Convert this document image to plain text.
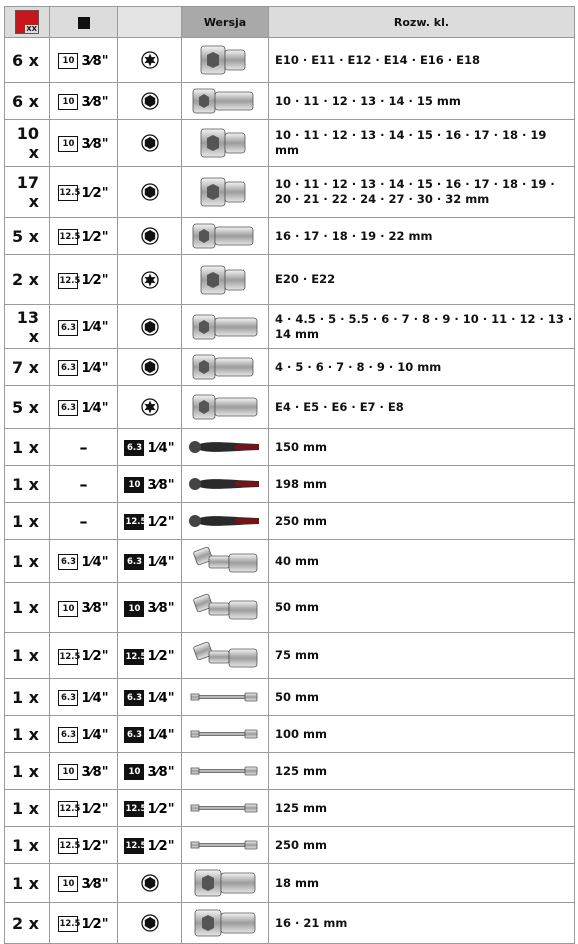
XX			Wersja	Rozw. kl.
6 x	10 3⁄8"			E10 · E11 · E12 · E14 · E16 · E18
6 x	10 3⁄8"			10 · 11 · 12 · 13 · 14 · 15 mm
10 x	10 3⁄8"			10 · 11 · 12 · 13 · 14 · 15 · 16 · 17 · 18 · 19 mm
17 x	12.51⁄2"			10 · 11 · 12 · 13 · 14 · 15 · 16 · 17 · 18 · 19 ·
20 · 21 · 22 · 24 · 27 · 30 · 32 mm
5 x	12.51⁄2"			16 · 17 · 18 · 19 · 22 mm
2 x	12.51⁄2"			E20 · E22
13 x	6.3 1⁄4"			4 · 4.5 · 5 · 5.5 · 6 · 7 · 8 · 9 · 10 · 11 · 12 · 13 · 14 mm
7 x	6.3 1⁄4"			4 · 5 · 6 · 7 · 8 · 9 · 10 mm
5 x	6.3 1⁄4"			E4 · E5 · E6 · E7 · E8
1 x	–	6.3 1⁄4"		150 mm
1 x	–	10 3⁄8"		198 mm
1 x	–	12.51⁄2"		250 mm
1 x	6.3 1⁄4"	6.3 1⁄4"		40 mm
1 x	10 3⁄8"	10 3⁄8"		50 mm
1 x	12.51⁄2"	12.51⁄2"		75 mm
1 x	6.3 1⁄4"	6.3 1⁄4"		50 mm
1 x	6.3 1⁄4"	6.3 1⁄4"		100 mm
1 x	10 3⁄8"	10 3⁄8"		125 mm
1 x	12.51⁄2"	12.51⁄2"		125 mm
1 x	12.51⁄2"	12.51⁄2"		250 mm
1 x	10 3⁄8"			18 mm
2 x	12.51⁄2"			16 · 21 mm
